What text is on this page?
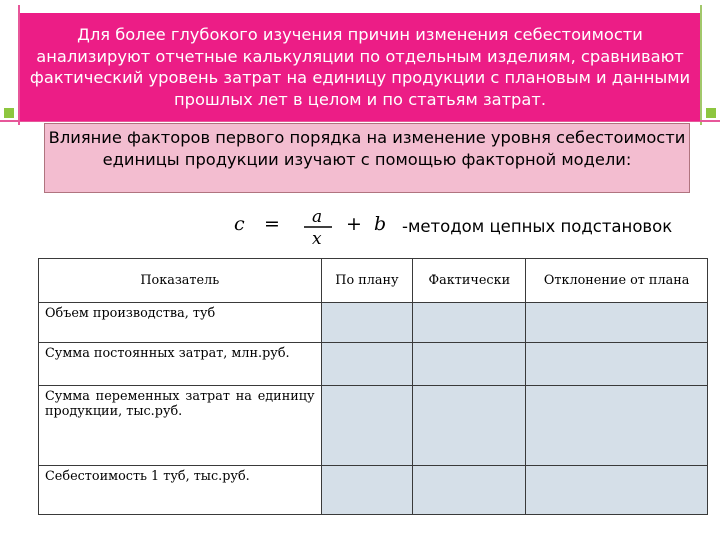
Для более глубокого изучения причин изменения себестоимости анализируют отчетные калькуляции по отдельным изделиям, сравнивают фактический уровень затрат на единицу продукции с плановым и данными прошлых лет в целом и по статьям затрат.
Влияние факторов первого порядка на изменение уровня себестоимости единицы продукции изучают с помощью факторной модели:
c = a
x
+ b -методом цепных подстановок
Показатель	По плану	Фактически	Отклонение от плана
Объем производства, туб			
Сумма постоянных затрат, млн.руб.			
Сумма переменных затрат на единицу продукции, тыс.руб.			
Себестоимость 1 туб, тыс.руб.			
